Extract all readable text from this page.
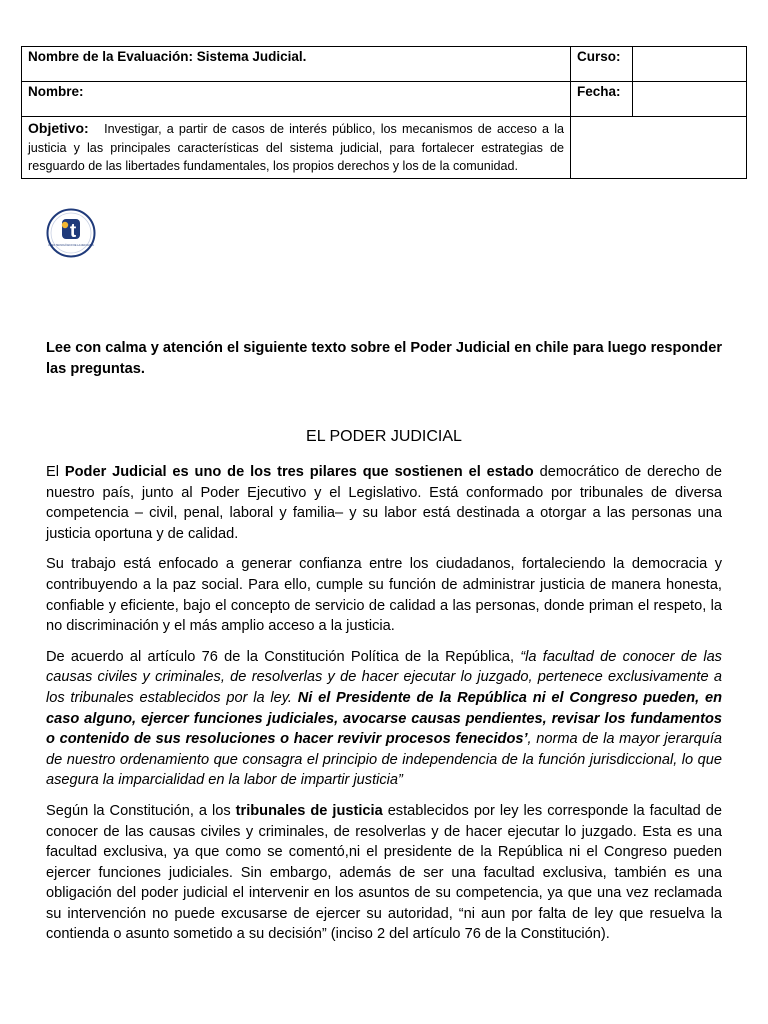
Nombre de la Evaluación: Sistema Judicial.	Curso:	
Nombre:	Fecha:	
Objetivo: Investigar, a partir de casos de interés público, los mecanismos de acceso a la justicia y las principales características del sistema judicial, para fortalecer estrategias de resguardo de las libertades fundamentales, los propios derechos y los de la comunidad.		
t
LICEO TECNOLÓGICO DE LA ARAUCANÍA
Lee con calma y atención el siguiente texto sobre el Poder Judicial en chile para luego responder las preguntas.
EL PODER JUDICIAL

El Poder Judicial es uno de los tres pilares que sostienen el estado democrático de derecho de nuestro país, junto al Poder Ejecutivo y el Legislativo. Está conformado por tribunales de diversa competencia – civil, penal, laboral y familia– y su labor está destinada a otorgar a las personas una justicia oportuna y de calidad.

Su trabajo está enfocado a generar confianza entre los ciudadanos, fortaleciendo la democracia y contribuyendo a la paz social. Para ello, cumple su función de administrar justicia de manera honesta, confiable y eficiente, bajo el concepto de servicio de calidad a las personas, donde priman el respeto, la no discriminación y el más amplio acceso a la justicia.

De acuerdo al artículo 76 de la Constitución Política de la República, “la facultad de conocer de las causas civiles y criminales, de resolverlas y de hacer ejecutar lo juzgado, pertenece exclusivamente a los tribunales establecidos por la ley. Ni el Presidente de la República ni el Congreso pueden, en caso alguno, ejercer funciones judiciales, avocarse causas pendientes, revisar los fundamentos o contenido de sus resoluciones o hacer revivir procesos fenecidos’, norma de la mayor jerarquía de nuestro ordenamiento que consagra el principio de independencia de la función jurisdiccional, lo que asegura la imparcialidad en la labor de impartir justicia”

Según la Constitución, a los tribunales de justicia establecidos por ley les corresponde la facultad de conocer de las causas civiles y criminales, de resolverlas y de hacer ejecutar lo juzgado. Esta es una facultad exclusiva, ya que como se comentó,ni el presidente de la República ni el Congreso pueden ejercer funciones judiciales. Sin embargo, además de ser una facultad exclusiva, también es una obligación del poder judicial el intervenir en los asuntos de su competencia, ya que una vez reclamada su intervención no puede excusarse de ejercer su autoridad, “ni aun por falta de ley que resuelva la contienda o asunto sometido a su decisión” (inciso 2 del artículo 76 de la Constitución).
